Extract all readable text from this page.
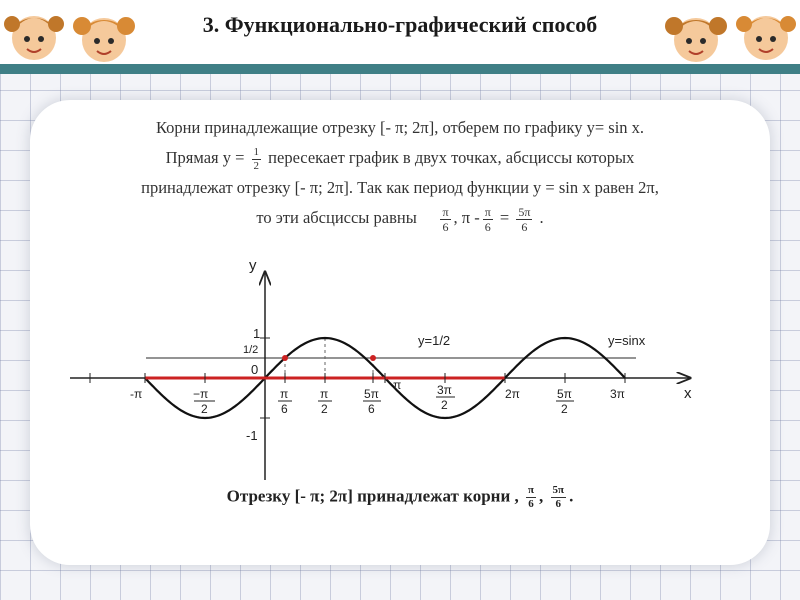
3. Функционально-графический способ
Корни принадлежащие отрезку [- π; 2π], отберем по графику y= sin x.
Прямая $y = \frac{1}{2}$ пересекает график в двух точках, абсциссы которых
принадлежат отрезку [- π; 2π]. Так как период функции y = sin x равен 2π,
то эти абсциссы равны $\frac{\pi}{6}$ , $\pi - \frac{\pi}{6} = \frac{5\pi}{6}$ .
y
x
1
1/2
0
-1
y=1/2	y=sinx
π
-π	−π
2
π
6
π
2
5π
6
3π
2
2π	5π
2
3π
Отрезку [- π; 2π] принадлежат корни , $\frac{\pi}{6}$ , $\frac{5\pi}{6}$ .
